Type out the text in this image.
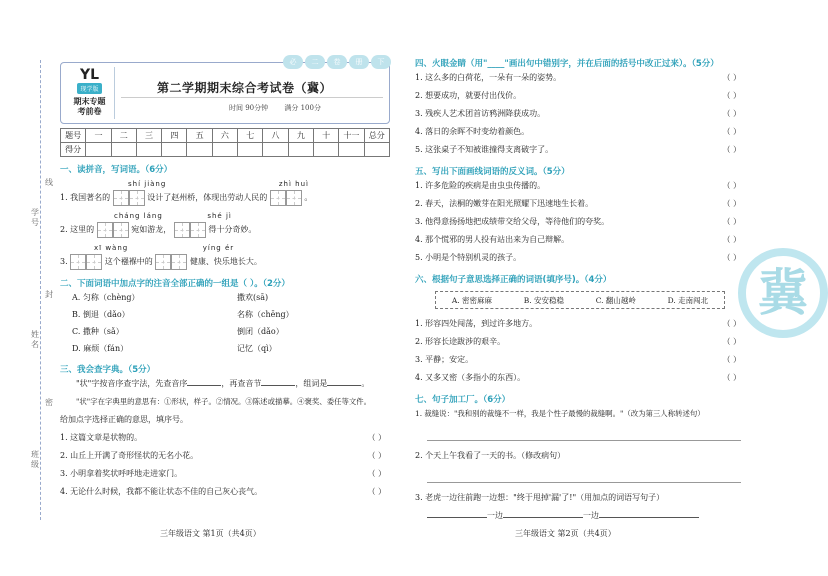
学号
姓名
班级
线
封
密
YL
现学版
期末专题
考前卷
必	二	卷	册	下
第二学期期末综合考试卷（冀）
时间 90分钟 满分 100分
题号	一	二	三	四	五	六	七	八	九	十	十一	总分
得分												
一、读拼音，写词语。（6分）
shí jiàng	zhì huì
1. 我国著名的	设计了赵州桥，体现出劳动人民的	。
cháng láng	shé jì
2. 这里的	宛如游龙，	得十分奇妙。
xī wàng	yíng ér
3.	这个襁褓中的	健康、快乐地长大。
二、下面词语中加点字的注音全部正确的一组是（ ）。（2分）
A. 匀称（chèng）	撒欢(sā)
B. 倒退（dǎo）	名称（chēng）
C. 撒种（sǎ）	倒闭（dǎo）
D. 麻烦（fán）	记忆（qì）
三、我会查字典。（5分）
"状"字按音序查字法，先查音序	，再查音节	，组词是	。
"状"字在字典里的意思有：①形状，样子。②情况。③陈述或描摹。④褒奖、委任等文件。
给加点字选择正确的意思，填序号。
1. 这篇文章是状物的。	（ ）
2. 山丘上开满了奇形怪状的无名小花。	（ ）
3. 小明拿着奖状呼呼地走进家门。	（ ）
4. 无论什么时候，我都不能让状态不佳的自己灰心丧气。	（ ）
三年级语文 第1页（共4页）
四、火眼金睛（用"____"画出句中错别字，并在后面的括号中改正过来）。（5分）
1. 这么多的白荷花，一朵有一朵的姿势。	（ ）
2. 想要成功，就要付出伐价。	（ ）
3. 残疾人艺术团首访鸦洲降获成功。	（ ）
4. 落日的余晖不时变幼着颜色。	（ ）
5. 这张桌子不知被谁撞得支离破字了。	（ ）
五、写出下面画线词语的反义词。（5分）
1. 许多危险的疾病是由虫虫传播的。	（ ）
2. 春天，法桐的嫩芽在阳光照耀下迅速地生长着。	（ ）
3. 他得意扬扬地把成绩带交给父母，等待他们的夸奖。	（ ）
4. 那个慌邪的男人投有站出来为自己辩解。	（ ）
5. 小明是个特别机灵的孩子。	（ ）
六、根据句子意思选择正确的词语(填序号)。（4分）
A. 密密麻麻	B. 安安稳稳	C. 翻山越岭	D. 走南闯北
1. 形容四处闯荡，到过许多地方。	（ ）
2. 形容长途跋涉的艰辛。	（ ）
3. 平静；安定。	（ ）
4. 又多又密（多指小的东西）。	（ ）
七、句子加工厂。（6分）
1. 裁缝说："我和别的裁缝不一样，我是个性子最慢的裁缝啊。"（改为第三人称转述句）
2. 个天上午我看了一天的书。（修改病句）
3. 老虎一边往前跑一边想："终于甩掉'漏'了!"（用加点的词语写句子）
一边	一边
三年级语文 第2页（共4页）
冀
